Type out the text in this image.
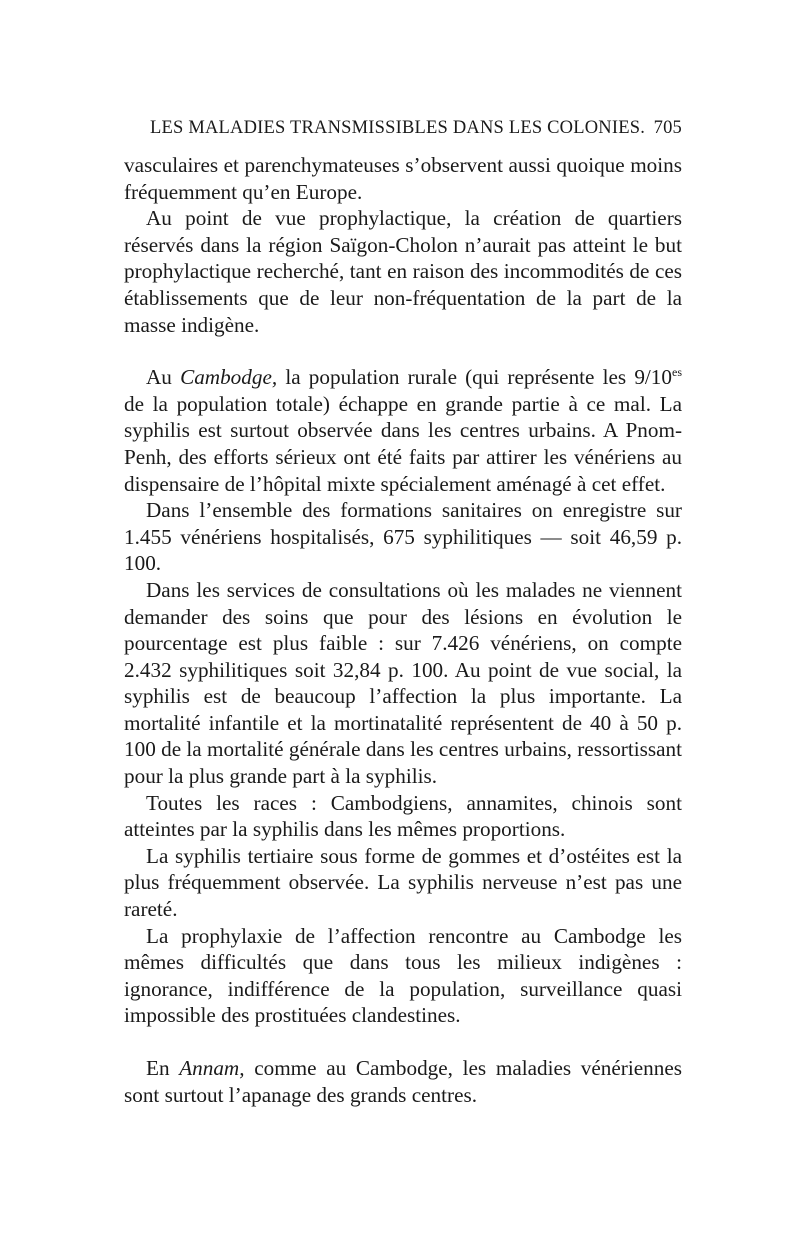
LES MALADIES TRANSMISSIBLES DANS LES COLONIES. 705

vasculaires et parenchymateuses s’observent aussi quoique moins fréquemment qu’en Europe.

Au point de vue prophylactique, la création de quartiers réservés dans la région Saïgon-Cholon n’aurait pas atteint le but prophylactique recherché, tant en raison des incommodités de ces établissements que de leur non-fréquentation de la part de la masse indigène.

Au Cambodge, la population rurale (qui représente les $9/10^{es}$ de la population totale) échappe en grande partie à ce mal. La syphilis est surtout observée dans les centres urbains. A Pnom-Penh, des efforts sérieux ont été faits par attirer les vénériens au dispensaire de l’hôpital mixte spécialement aménagé à cet effet.

Dans l’ensemble des formations sanitaires on enregistre sur 1.455 vénériens hospitalisés, 675 syphilitiques — soit 46,59 p. 100.

Dans les services de consultations où les malades ne viennent demander des soins que pour des lésions en évolution le pourcentage est plus faible : sur 7.426 vénériens, on compte 2.432 syphilitiques soit 32,84 p. 100. Au point de vue social, la syphilis est de beaucoup l’affection la plus importante. La mortalité infantile et la mortinatalité représentent de 40 à 50 p. 100 de la mortalité générale dans les centres urbains, ressortissant pour la plus grande part à la syphilis.

Toutes les races : Cambodgiens, annamites, chinois sont atteintes par la syphilis dans les mêmes proportions.

La syphilis tertiaire sous forme de gommes et d’ostéites est la plus fréquemment observée. La syphilis nerveuse n’est pas une rareté.

La prophylaxie de l’affection rencontre au Cambodge les mêmes difficultés que dans tous les milieux indigènes : ignorance, indifférence de la population, surveillance quasi impossible des prostituées clandestines.

En Annam, comme au Cambodge, les maladies vénériennes sont surtout l’apanage des grands centres.
